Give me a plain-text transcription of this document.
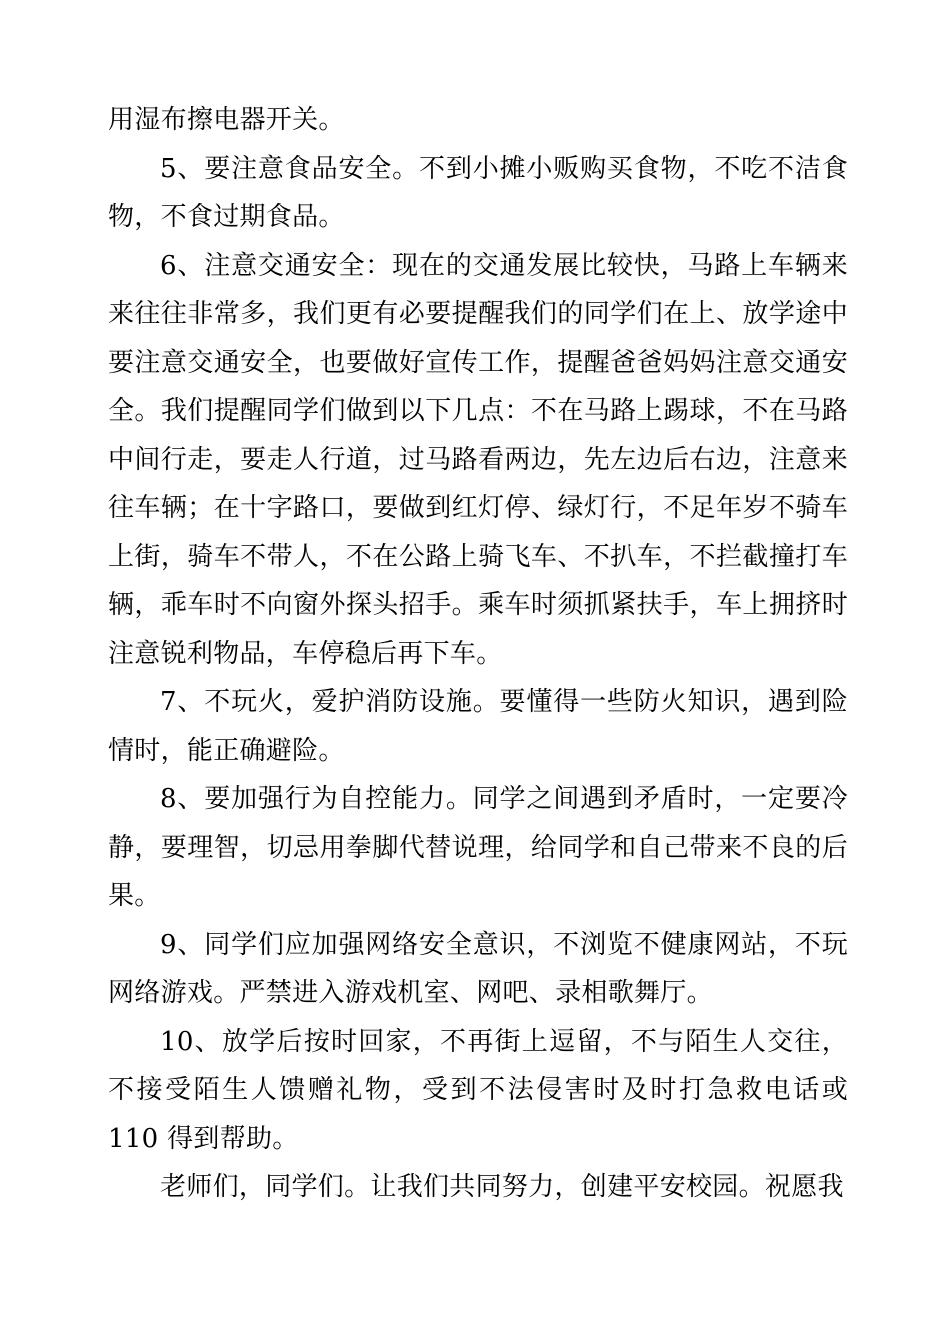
用湿布擦电器开关。

5、要注意食品安全。不到小摊小贩购买食物，不吃不洁食物，不食过期食品。

6、注意交通安全：现在的交通发展比较快，马路上车辆来来往往非常多，我们更有必要提醒我们的同学们在上、放学途中要注意交通安全，也要做好宣传工作，提醒爸爸妈妈注意交通安全。我们提醒同学们做到以下几点：不在马路上踢球，不在马路中间行走，要走人行道，过马路看两边，先左边后右边，注意来往车辆；在十字路口，要做到红灯停、绿灯行，不足年岁不骑车上街，骑车不带人，不在公路上骑飞车、不扒车，不拦截撞打车辆，乖车时不向窗外探头招手。乘车时须抓紧扶手，车上拥挤时注意锐利物品，车停稳后再下车。

7、不玩火，爱护消防设施。要懂得一些防火知识，遇到险情时，能正确避险。

8、要加强行为自控能力。同学之间遇到矛盾时，一定要冷静，要理智，切忌用拳脚代替说理，给同学和自己带来不良的后果。

9、同学们应加强网络安全意识，不浏览不健康网站，不玩网络游戏。严禁进入游戏机室、网吧、录相歌舞厅。

10、放学后按时回家，不再街上逗留，不与陌生人交往，不接受陌生人馈赠礼物，受到不法侵害时及时打急救电话或 110 得到帮助。

老师们，同学们。让我们共同努力，创建平安校园。祝愿我
